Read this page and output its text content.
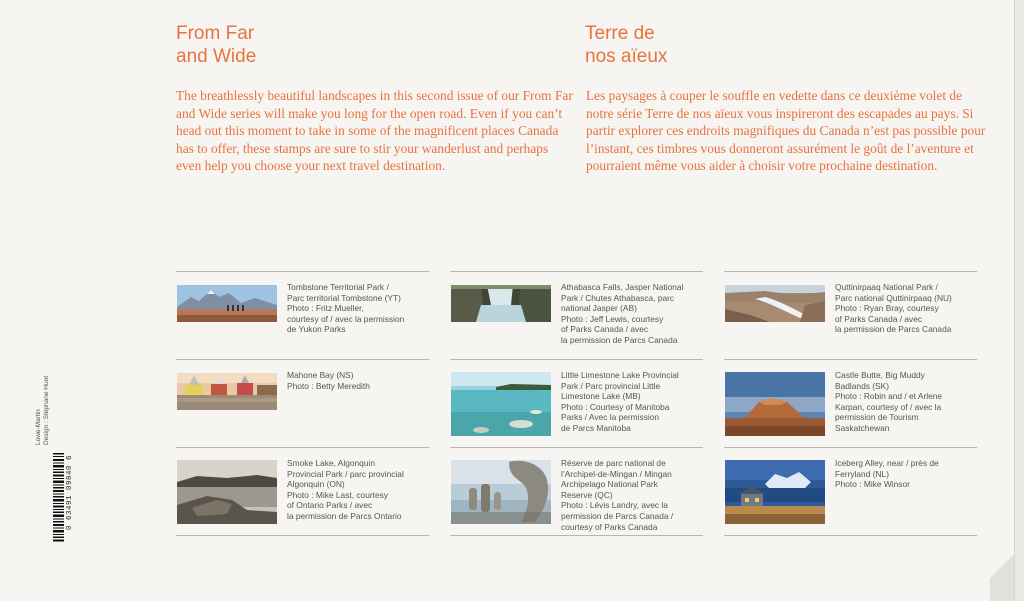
From Far
and Wide
Terre de
nos aïeux

The breathlessly beautiful landscapes in this second issue of our From Far and Wide series will make you long for the open road. Even if you can’t head out this moment to take in some of the magnificent places Canada has to offer, these stamps are sure to stir your wanderlust and perhaps even help you choose your next travel destination.

Les paysages à couper le souffle en vedette dans ce deuxième volet de notre série Terre de nos aïeux vous inspireront des escapades au pays. Si partir explorer ces endroits magnifiques du Canada n’est pas possible pour l’instant, ces timbres vous donneront assurément le goût de l’aventure et pourraient même vous aider à choisir votre prochaine destination.

Tombstone Territorial Park /
Parc territorial Tombstone (YT)
Photo : Fritz Mueller,
courtesy of / avec la permission
de Yukon Parks

Athabasca Falls, Jasper National
Park / Chutes Athabasca, parc
national Jasper (AB)
Photo : Jeff Lewis, courtesy
of Parks Canada / avec
la permission de Parcs Canada

Quttinirpaaq National Park /
Parc national Quttinirpaaq (NU)
Photo : Ryan Bray, courtesy
of Parks Canada / avec
la permission de Parcs Canada

Mahone Bay (NS)
Photo : Betty Meredith

Little Limestone Lake Provincial
Park / Parc provincial Little
Limestone Lake (MB)
Photo : Courtesy of Manitoba
Parks / Avec la permission
de Parcs Manitoba

Castle Butte, Big Muddy
Badlands (SK)
Photo : Robin and / et Arlene
Karpan, courtesy of / avec la
permission de Tourism
Saskatchewan

Smoke Lake, Algonquin
Provincial Park / parc provincial
Algonquin (ON)
Photo : Mike Last, courtesy
of Ontario Parks / avec
la permission de Parcs Ontario

Réserve de parc national de
l’Archipel-de-Mingan / Mingan
Archipelago National Park
Reserve (QC)
Photo : Lévis Landry, avec la
permission de Parcs Canada /
courtesy of Parks Canada

Iceberg Alley, near / près de
Ferryland (NL)
Photo : Mike Winsor

Lowe-Martin Design : Stéphane Huot
0 63491 09840 6
